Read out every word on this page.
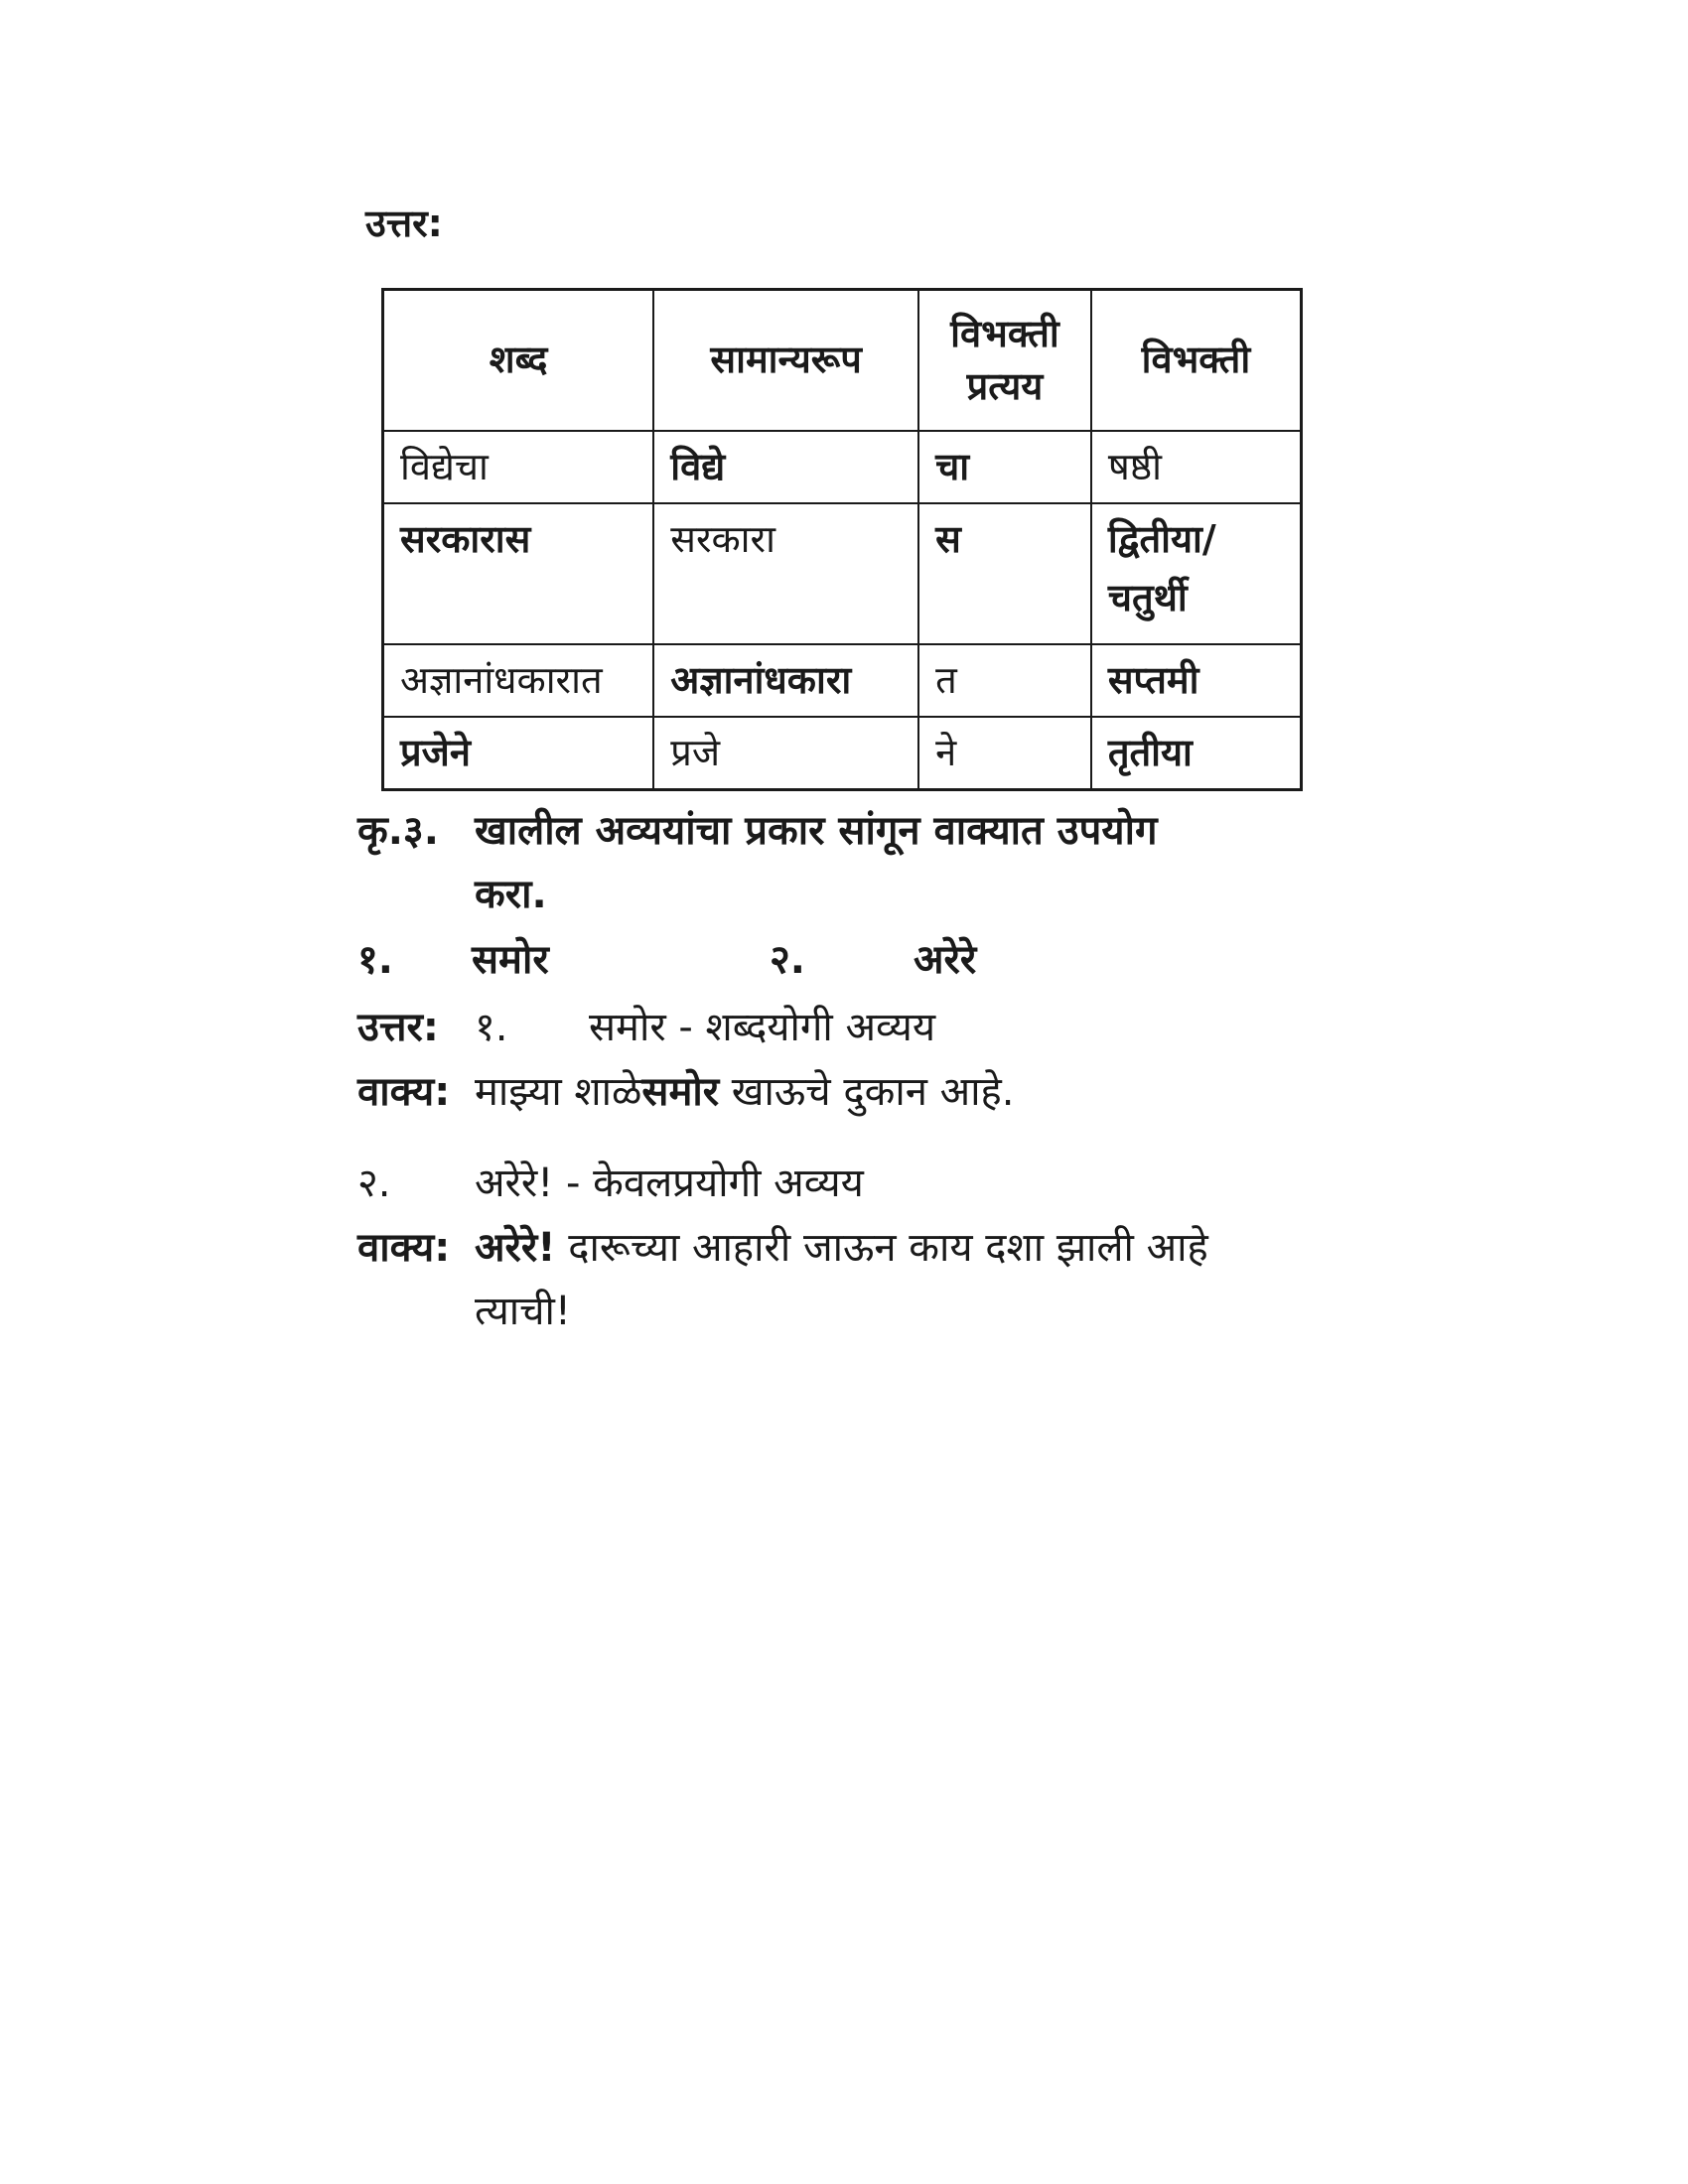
उत्तर:
शब्द	सामान्यरूप	विभक्ती प्रत्यय	विभक्ती
विद्येचा	विद्ये	चा	षष्ठी
सरकारास	सरकारा	स	द्वितीया/ चतुर्थी
अज्ञानांधकारात	अज्ञानांधकारा	त	सप्तमी
प्रजेने	प्रजे	ने	तृतीया
कृ.३. खालील अव्ययांचा प्रकार सांगून वाक्यात उपयोग
करा.
१. समोर	२.	अरेरे
उत्तर: १. समोर - शब्दयोगी अव्यय
वाक्य: माझ्या शाळेसमोर खाऊचे दुकान आहे.
२. अरेरे! - केवलप्रयोगी अव्यय
वाक्य: अरेरे! दारूच्या आहारी जाऊन काय दशा झाली आहे
त्याची!
